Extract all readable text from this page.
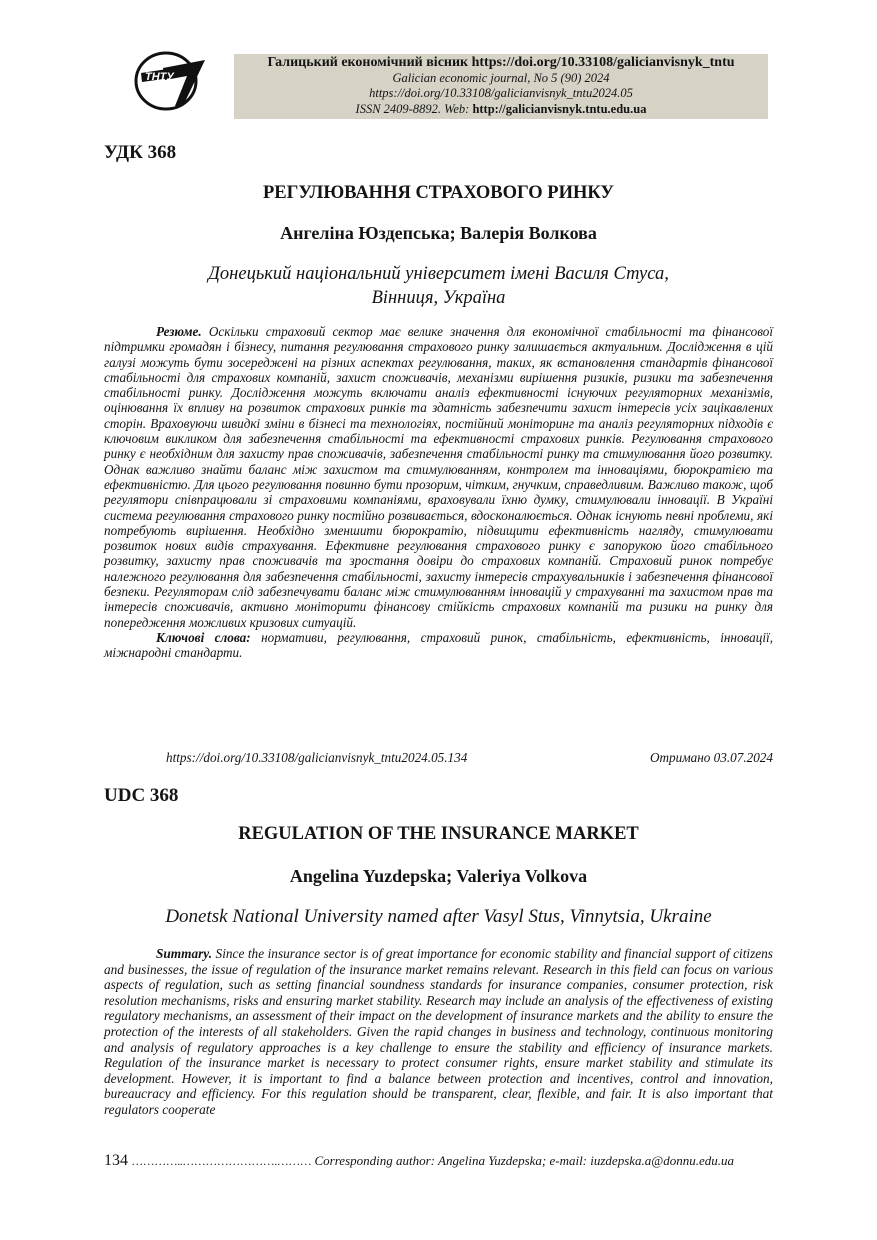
ТНТУ
Галицький економічний вісник https://doi.org/10.33108/galicianvisnyk_tntu
Galician economic journal, No 5 (90) 2024
https://doi.org/10.33108/galicianvisnyk_tntu2024.05
ISSN 2409-8892. Web: http://galicianvisnyk.tntu.edu.ua
УДК 368
РЕГУЛЮВАННЯ СТРАХОВОГО РИНКУ
Ангеліна Юздепська; Валерія Волкова
Донецький національний університет імені Василя Стуса,
Вінниця, Україна

Резюме. Оскільки страховий сектор має велике значення для економічної стабільності та фінансової підтримки громадян і бізнесу, питання регулювання страхового ринку залишається актуальним. Дослідження в цій галузі можуть бути зосереджені на різних аспектах регулювання, таких, як встановлення стандартів фінансової стабільності для страхових компаній, захист споживачів, механізми вирішення ризиків, ризики та забезпечення стабільності ринку. Дослідження можуть включати аналіз ефективності існуючих регуляторних механізмів, оцінювання їх впливу на розвиток страхових ринків та здатність забезпечити захист інтересів усіх зацікавлених сторін. Враховуючи швидкі зміни в бізнесі та технологіях, постійний моніторинг та аналіз регуляторних підходів є ключовим викликом для забезпечення стабільності та ефективності страхових ринків. Регулювання страхового ринку є необхідним для захисту прав споживачів, забезпечення стабільності ринку та стимулювання його розвитку. Однак важливо знайти баланс між захистом та стимулюванням, контролем та інноваціями, бюрократією та ефективністю. Для цього регулювання повинно бути прозорим, чітким, гнучким, справедливим. Важливо також, щоб регулятори співпрацювали зі страховими компаніями, враховували їхню думку, стимулювали інновації. В Україні система регулювання страхового ринку постійно розвивається, вдосконалюється. Однак існують певні проблеми, які потребують вирішення. Необхідно зменшити бюрократію, підвищити ефективність нагляду, стимулювати розвиток нових видів страхування. Ефективне регулювання страхового ринку є запорукою його стабільного розвитку, захисту прав споживачів та зростання довіри до страхових компаній. Страховий ринок потребує належного регулювання для забезпечення стабільності, захисту інтересів страхувальників і забезпечення фінансової безпеки. Регуляторам слід забезпечувати баланс між стимулюванням інновацій у страхуванні та захистом прав та інтересів споживачів, активно моніторити фінансову стійкість страхових компаній та ризики на ринку для попередження можливих кризових ситуацій.

Ключові слова: нормативи, регулювання, страховий ринок, стабільність, ефективність, інновації, міжнародні стандарти.

https://doi.org/10.33108/galicianvisnyk_tntu2024.05.134	Отримано 03.07.2024
UDC 368
REGULATION OF THE INSURANCE MARKET
Angelina Yuzdepska; Valeriya Volkova
Donetsk National University named after Vasyl Stus, Vinnytsia, Ukraine

Summary. Since the insurance sector is of great importance for economic stability and financial support of citizens and businesses, the issue of regulation of the insurance market remains relevant. Research in this field can focus on various aspects of regulation, such as setting financial soundness standards for insurance companies, consumer protection, risk resolution mechanisms, risks and ensuring market stability. Research may include an analysis of the effectiveness of existing regulatory mechanisms, an assessment of their impact on the development of insurance markets and the ability to ensure the protection of the interests of all stakeholders. Given the rapid changes in business and technology, continuous monitoring and analysis of regulatory approaches is a key challenge to ensure the stability and efficiency of insurance markets. Regulation of the insurance market is necessary to protect consumer rights, ensure market stability and stimulate its development. However, it is important to find a balance between protection and incentives, control and innovation, bureaucracy and efficiency. For this regulation should be transparent, clear, flexible, and fair. It is also important that regulators cooperate

134 …………..…………………….……… Corresponding author: Angelina Yuzdepska; e-mail: iuzdepska.a@donnu.edu.ua
